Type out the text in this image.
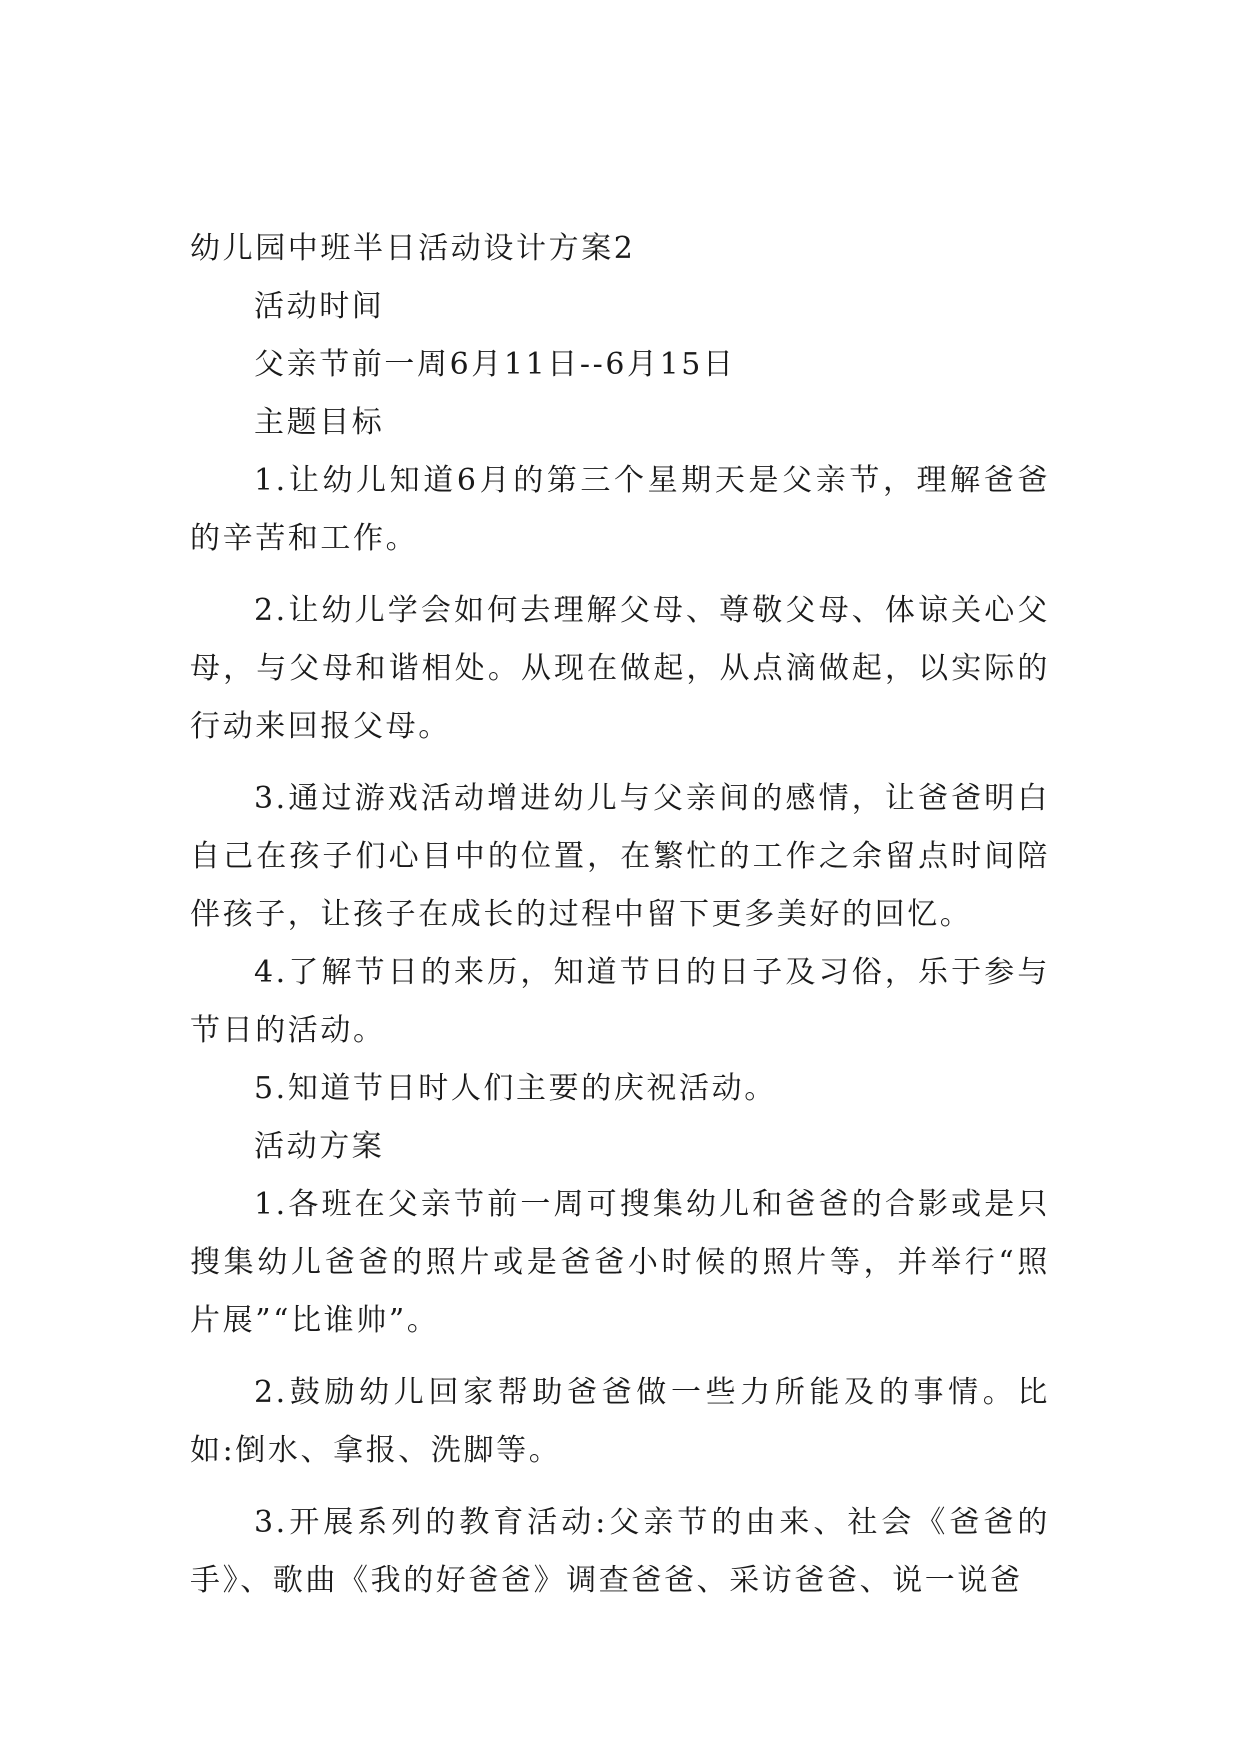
幼儿园中班半日活动设计方案2

活动时间

父亲节前一周6月11日--6月15日

主题目标

1.让幼儿知道6月的第三个星期天是父亲节，理解爸爸的辛苦和工作。

2.让幼儿学会如何去理解父母、尊敬父母、体谅关心父母，与父母和谐相处。从现在做起，从点滴做起，以实际的行动来回报父母。

3.通过游戏活动增进幼儿与父亲间的感情，让爸爸明白自己在孩子们心目中的位置，在繁忙的工作之余留点时间陪伴孩子，让孩子在成长的过程中留下更多美好的回忆。

4.了解节日的来历，知道节日的日子及习俗，乐于参与节日的活动。

5.知道节日时人们主要的庆祝活动。

活动方案

1.各班在父亲节前一周可搜集幼儿和爸爸的合影或是只搜集幼儿爸爸的照片或是爸爸小时候的照片等，并举行“照片展”“比谁帅”。

2.鼓励幼儿回家帮助爸爸做一些力所能及的事情。比如:倒水、拿报、洗脚等。

3.开展系列的教育活动:父亲节的由来、社会《爸爸的手》、歌曲《我的好爸爸》调查爸爸、采访爸爸、说一说爸
